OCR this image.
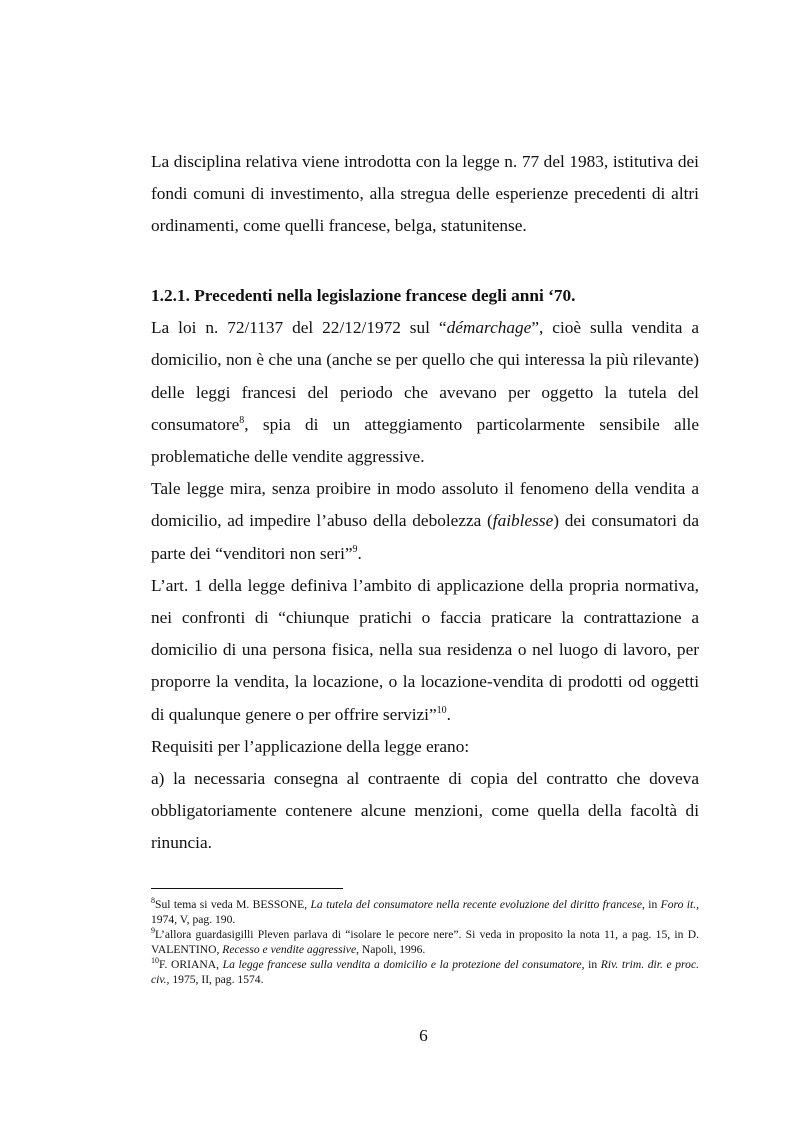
La disciplina relativa viene introdotta con la legge n. 77 del 1983, istitutiva dei fondi comuni di investimento, alla stregua delle esperienze precedenti di altri ordinamenti, come quelli francese, belga, statunitense.

1.2.1. Precedenti nella legislazione francese degli anni ‘70.

La loi n. 72/1137 del 22/12/1972 sul “démarchage”, cioè sulla vendita a domicilio, non è che una (anche se per quello che qui interessa la più rilevante) delle leggi francesi del periodo che avevano per oggetto la tutela del consumatore$^8$, spia di un atteggiamento particolarmente sensibile alle problematiche delle vendite aggressive.

Tale legge mira, senza proibire in modo assoluto il fenomeno della vendita a domicilio, ad impedire l’abuso della debolezza (faiblesse) dei consumatori da parte dei “venditori non seri”$^9$.

L’art. 1 della legge definiva l’ambito di applicazione della propria normativa, nei confronti di “chiunque pratichi o faccia praticare la contrattazione a domicilio di una persona fisica, nella sua residenza o nel luogo di lavoro, per proporre la vendita, la locazione, o la locazione-vendita di prodotti od oggetti di qualunque genere o per offrire servizi”$^{10}$.

Requisiti per l’applicazione della legge erano:

a) la necessaria consegna al contraente di copia del contratto che doveva obbligatoriamente contenere alcune menzioni, come quella della facoltà di rinuncia.

$^8$Sul tema si veda M. BESSONE, La tutela del consumatore nella recente evoluzione del diritto francese, in Foro it., 1974, V, pag. 190.

$^9$L’allora guardasigilli Pleven parlava di “isolare le pecore nere”. Si veda in proposito la nota 11, a pag. 15, in D. VALENTINO, Recesso e vendite aggressive, Napoli, 1996.

$^{10}$F. ORIANA, La legge francese sulla vendita a domicilio e la protezione del consumatore, in Riv. trim. dir. e proc. civ., 1975, II, pag. 1574.

6
